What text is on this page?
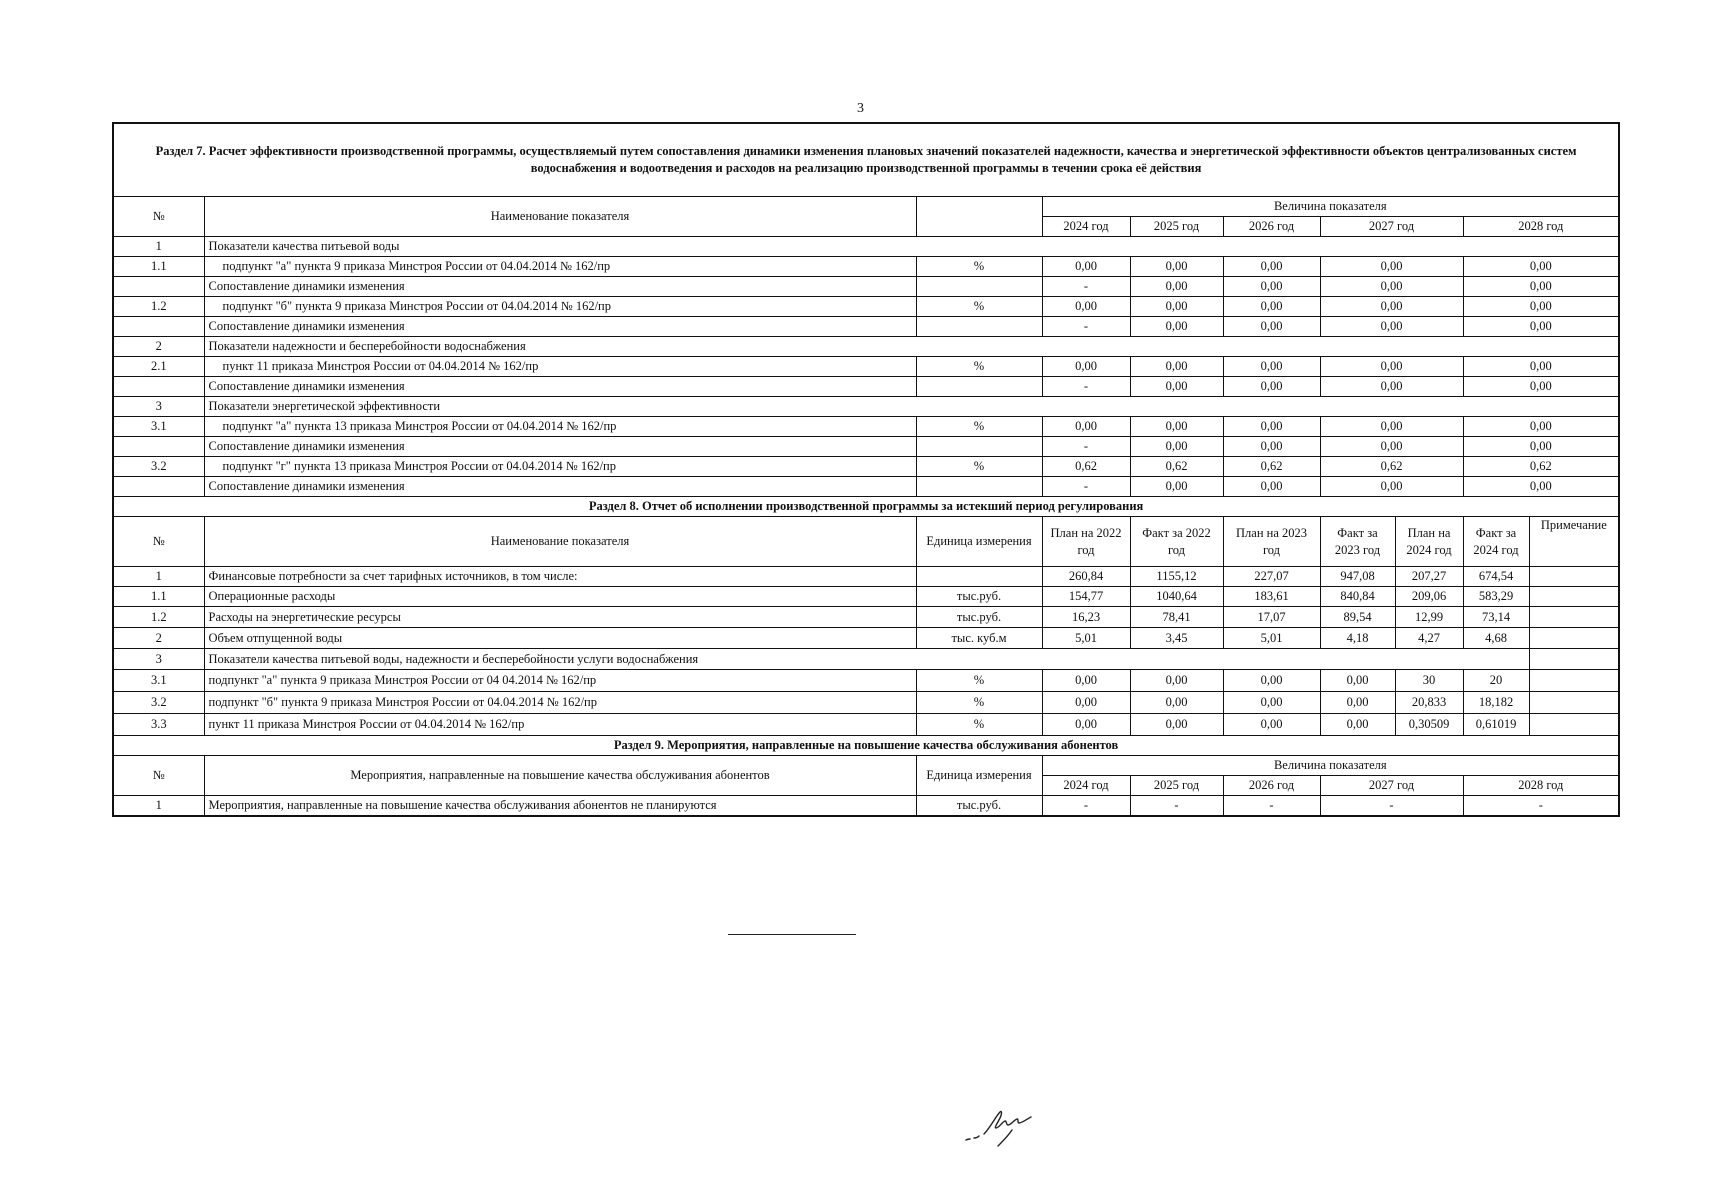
3
Раздел 7. Расчет эффективности производственной программы, осуществляемый путем сопоставления динамики изменения плановых значений показателей надежности, качества и энергетической эффективности объектов централизованных систем водоснабжения и водоотведения и расходов на реализацию производственной программы в течении срока её действия									
№	Наименование показателя		Величина показателя						
			2024 год	2025 год	2026 год	2027 год		2028 год	
1	Показатели качества питьевой воды								
1.1	подпункт "а" пункта 9 приказа Минстроя России от 04.04.2014 № 162/пр	%	0,00	0,00	0,00	0,00		0,00	
	Сопоставление динамики изменения		-	0,00	0,00	0,00		0,00	
1.2	подпункт "б" пункта 9 приказа Минстроя России от 04.04.2014 № 162/пр	%	0,00	0,00	0,00	0,00		0,00	
	Сопоставление динамики изменения		-	0,00	0,00	0,00		0,00	
2	Показатели надежности и бесперебойности водоснабжения								
2.1	пункт 11 приказа Минстроя России от 04.04.2014 № 162/пр	%	0,00	0,00	0,00	0,00		0,00	
	Сопоставление динамики изменения		-	0,00	0,00	0,00		0,00	
3	Показатели энергетической эффективности								
3.1	подпункт "а" пункта 13 приказа Минстроя России от 04.04.2014 № 162/пр	%	0,00	0,00	0,00	0,00		0,00	
	Сопоставление динамики изменения		-	0,00	0,00	0,00		0,00	
3.2	подпункт "г" пункта 13 приказа Минстроя России от 04.04.2014 № 162/пр	%	0,62	0,62	0,62	0,62		0,62	
	Сопоставление динамики изменения		-	0,00	0,00	0,00		0,00	
Раздел 8. Отчет об исполнении производственной программы за истекший период регулирования									
№	Наименование показателя	Единица измерения	План на 2022 год	Факт за 2022 год	План на 2023 год	Факт за 2023 год	План на 2024 год	Факт за 2024 год	Примечание
1	Финансовые потребности за счет тарифных источников, в том числе:		260,84	1155,12	227,07	947,08	207,27	674,54	
1.1	Операционные расходы	тыс.руб.	154,77	1040,64	183,61	840,84	209,06	583,29	
1.2	Расходы на энергетические ресурсы	тыс.руб.	16,23	78,41	17,07	89,54	12,99	73,14	
2	Объем отпущенной воды	тыс. куб.м	5,01	3,45	5,01	4,18	4,27	4,68	
3	Показатели качества питьевой воды, надежности и бесперебойности услуги водоснабжения								
3.1	подпункт "а" пункта 9 приказа Минстроя России от 04 04.2014 № 162/пр	%	0,00	0,00	0,00	0,00	30	20	
3.2	подпункт "б" пункта 9 приказа Минстроя России от 04.04.2014 № 162/пр	%	0,00	0,00	0,00	0,00	20,833	18,182	
3.3	пункт 11 приказа Минстроя России от 04.04.2014 № 162/пр	%	0,00	0,00	0,00	0,00	0,30509	0,61019	
Раздел 9. Мероприятия, направленные на повышение качества обслуживания абонентов									
№	Мероприятия, направленные на повышение качества обслуживания абонентов	Единица измерения	Величина показателя						
			2024 год	2025 год	2026 год	2027 год		2028 год	
1	Мероприятия, направленные на повышение качества обслуживания абонентов не планируются	тыс.руб.	-	-	-	-		-	
